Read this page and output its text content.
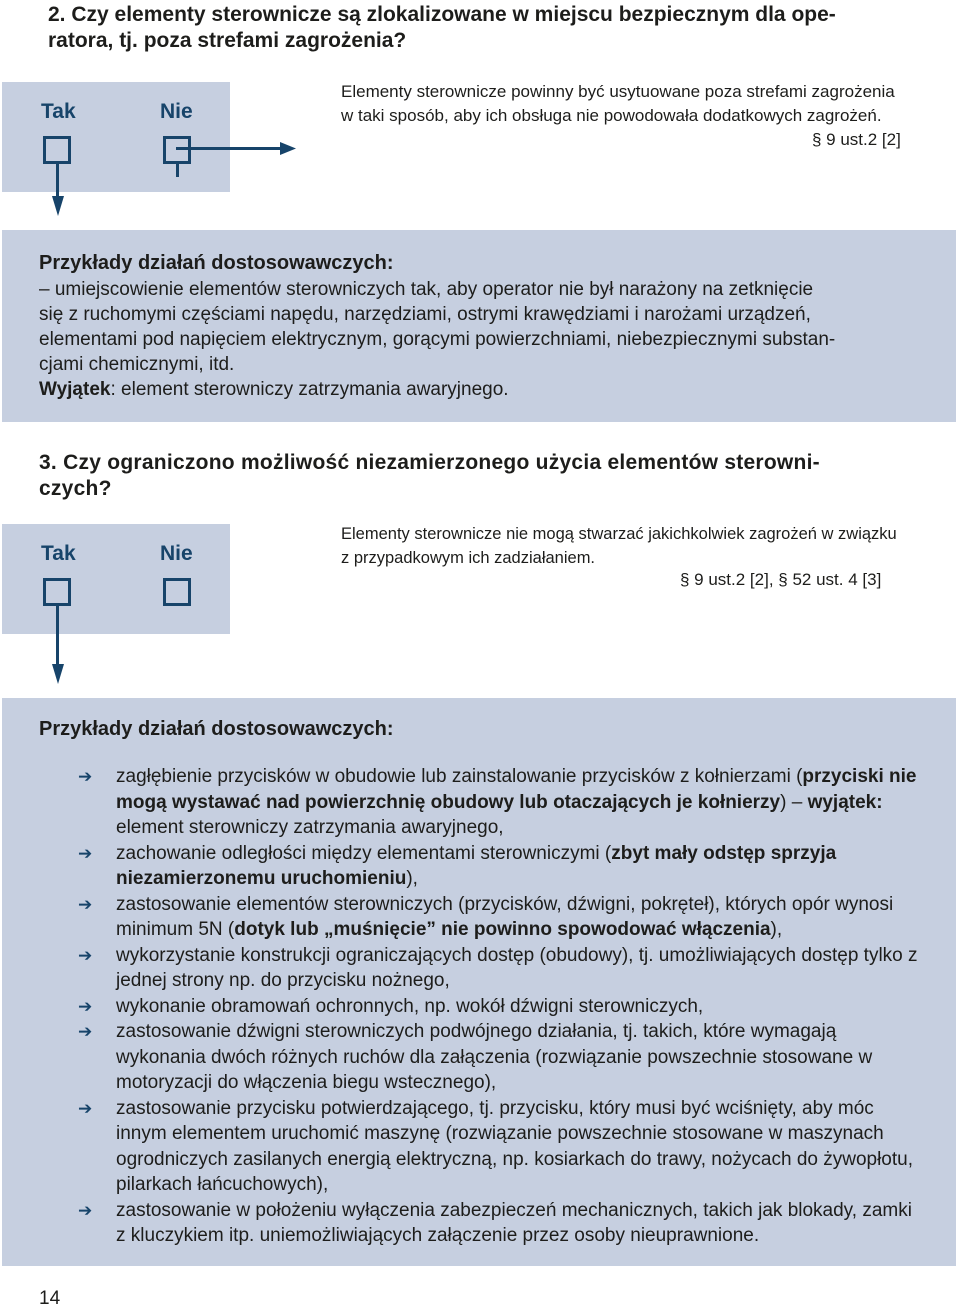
2. Czy elementy sterownicze są zlokalizowane w miejscu bezpiecznym dla ope-
ratora, tj. poza strefami zagrożenia?
Tak	Nie
Elementy sterownicze powinny być usytuowane poza strefami zagrożenia
w taki sposób, aby ich obsługa nie powodowała dodatkowych zagrożeń.
§ 9 ust.2 [2]
Przykłady działań dostosowawczych:
– umiejscowienie elementów sterowniczych tak, aby operator nie był narażony na zetknięcie
się z ruchomymi częściami napędu, narzędziami, ostrymi krawędziami i narożami urządzeń,
elementami pod napięciem elektrycznym, gorącymi powierzchniami, niebezpiecznymi substan-
cjami chemicznymi, itd.
Wyjątek: element sterowniczy zatrzymania awaryjnego.
3. Czy ograniczono możliwość niezamierzonego użycia elementów sterowni-
czych?
Tak	Nie
Elementy sterownicze nie mogą stwarzać jakichkolwiek zagrożeń w związku
z przypadkowym ich zadziałaniem.
§ 9 ust.2 [2], § 52 ust. 4 [3]
Przykłady działań dostosowawczych:
➔ zagłębienie przycisków w obudowie lub zainstalowanie przycisków z kołnierzami (przyciski nie mogą wystawać nad powierzchnię obudowy lub otaczających je kołnierzy) – wyjątek: element sterowniczy zatrzymania awaryjnego,
➔ zachowanie odległości między elementami sterowniczymi (zbyt mały odstęp sprzyja niezamierzonemu uruchomieniu),
➔ zastosowanie elementów sterowniczych (przycisków, dźwigni, pokręteł), których opór wynosi minimum 5N (dotyk lub „muśnięcie” nie powinno spowodować włączenia),
➔ wykorzystanie konstrukcji ograniczających dostęp (obudowy), tj. umożliwiających dostęp tylko z jednej strony np. do przycisku nożnego,
➔ wykonanie obramowań ochronnych, np. wokół dźwigni sterowniczych,
➔ zastosowanie dźwigni sterowniczych podwójnego działania, tj. takich, które wymagają wykonania dwóch różnych ruchów dla załączenia (rozwiązanie powszechnie stosowane w motoryzacji do włączenia biegu wstecznego),
➔ zastosowanie przycisku potwierdzającego, tj. przycisku, który musi być wciśnięty, aby móc innym elementem uruchomić maszynę (rozwiązanie powszechnie stosowane w maszynach ogrodniczych zasilanych energią elektryczną, np. kosiarkach do trawy, nożycach do żywopłotu, pilarkach łańcuchowych),
➔ zastosowanie w położeniu wyłączenia zabezpieczeń mechanicznych, takich jak blokady, zamki z kluczykiem itp. uniemożliwiających załączenie przez osoby nieuprawnione.
14
